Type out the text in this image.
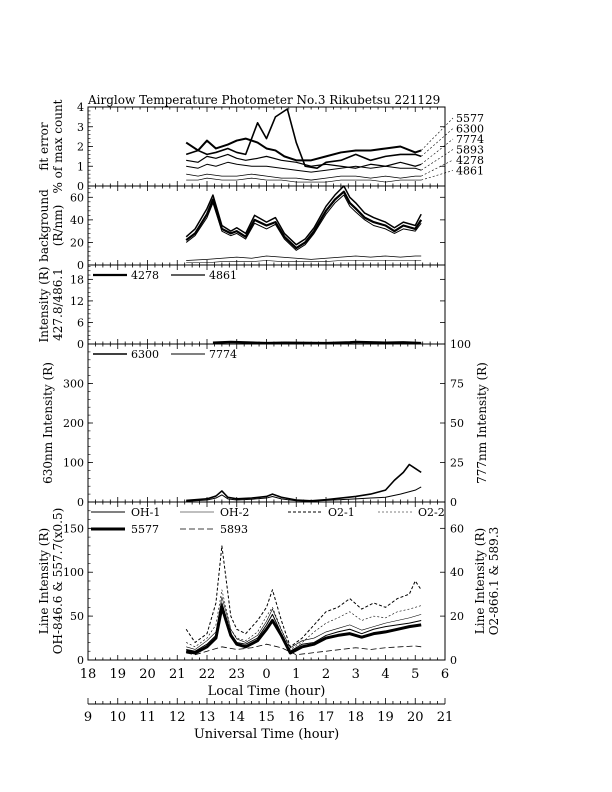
Airglow Temperature Photometer No.3 Rikubetsu 221129
0
1
2
3
4
fit error % of max count	5577
6300
7774
5893
4278
4861
0
20
40
60
background (R/nm)
0
6
12
18
Intensity (R) 427.8/486.1	4278	4861
0
100
200
300
0
25
50
75
100
630nm Intensity (R)	777nm Intensity (R)
6300	7774
0
50
100
150
0
20
40
60
Line Intensity (R) OH-846.6 & 557.7(x0.5)	Line Intensity (R) O2-866.1 & 589.3
OH-1	OH-2	O2-1	O2-2
5577	5893
18 19 20 21 22 23 0 1 2 3 4 5 6
Local Time (hour)
9 10 11 12 13 14 15 16 17 18 19 20 21
Universal Time (hour)
